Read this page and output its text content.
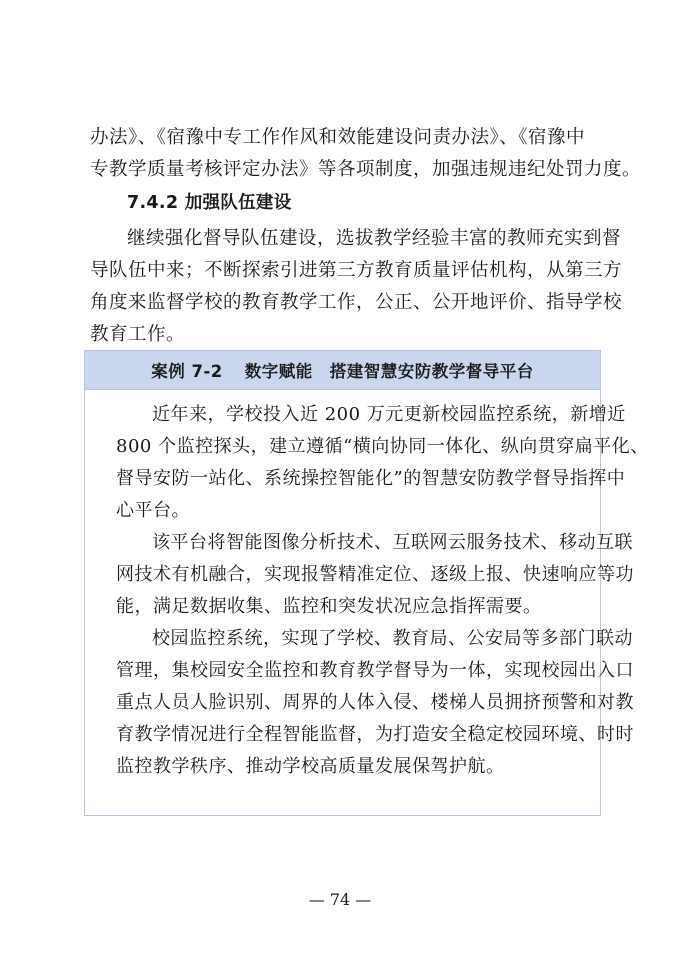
办法》、《宿豫中专工作作风和效能建设问责办法》、《宿豫中
专教学质量考核评定办法》等各项制度，加强违规违纪处罚力度。
7.4.2 加强队伍建设
继续强化督导队伍建设，选拔教学经验丰富的教师充实到督
导队伍中来；不断探索引进第三方教育质量评估机构，从第三方
角度来监督学校的教育教学工作，公正、公开地评价、指导学校
教育工作。
案例 7-2 数字赋能　搭建智慧安防教学督导平台
近年来，学校投入近 200 万元更新校园监控系统，新增近
800 个监控探头，建立遵循“横向协同一体化、纵向贯穿扁平化、
督导安防一站化、系统操控智能化”的智慧安防教学督导指挥中
心平台。
该平台将智能图像分析技术、互联网云服务技术、移动互联
网技术有机融合，实现报警精准定位、逐级上报、快速响应等功
能，满足数据收集、监控和突发状况应急指挥需要。
校园监控系统，实现了学校、教育局、公安局等多部门联动
管理，集校园安全监控和教育教学督导为一体，实现校园出入口
重点人员人脸识别、周界的人体入侵、楼梯人员拥挤预警和对教
育教学情况进行全程智能监督，为打造安全稳定校园环境、时时
监控教学秩序、推动学校高质量发展保驾护航。
— 74 —
